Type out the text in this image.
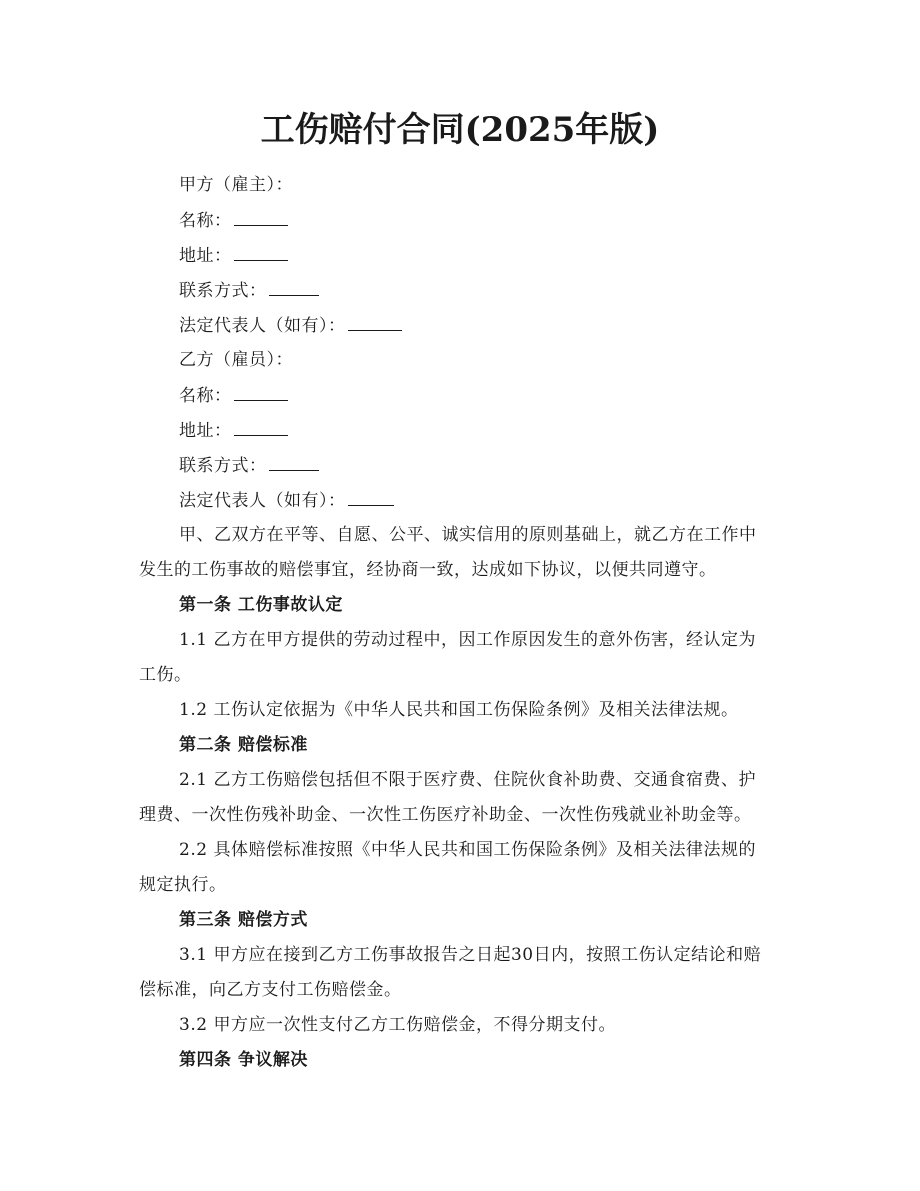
工伤赔付合同(2025年版)
甲方（雇主）：
名称：
地址：
联系方式：
法定代表人（如有）：
乙方（雇员）：
名称：
地址：
联系方式：
法定代表人（如有）：
甲、乙双方在平等、自愿、公平、诚实信用的原则基础上，就乙方在工作中
发生的工伤事故的赔偿事宜，经协商一致，达成如下协议，以便共同遵守。
第一条 工伤事故认定
1.1 乙方在甲方提供的劳动过程中，因工作原因发生的意外伤害，经认定为
工伤。
1.2 工伤认定依据为《中华人民共和国工伤保险条例》及相关法律法规。
第二条 赔偿标准
2.1 乙方工伤赔偿包括但不限于医疗费、住院伙食补助费、交通食宿费、护
理费、一次性伤残补助金、一次性工伤医疗补助金、一次性伤残就业补助金等。
2.2 具体赔偿标准按照《中华人民共和国工伤保险条例》及相关法律法规的
规定执行。
第三条 赔偿方式
3.1 甲方应在接到乙方工伤事故报告之日起30日内，按照工伤认定结论和赔
偿标准，向乙方支付工伤赔偿金。
3.2 甲方应一次性支付乙方工伤赔偿金，不得分期支付。
第四条 争议解决
